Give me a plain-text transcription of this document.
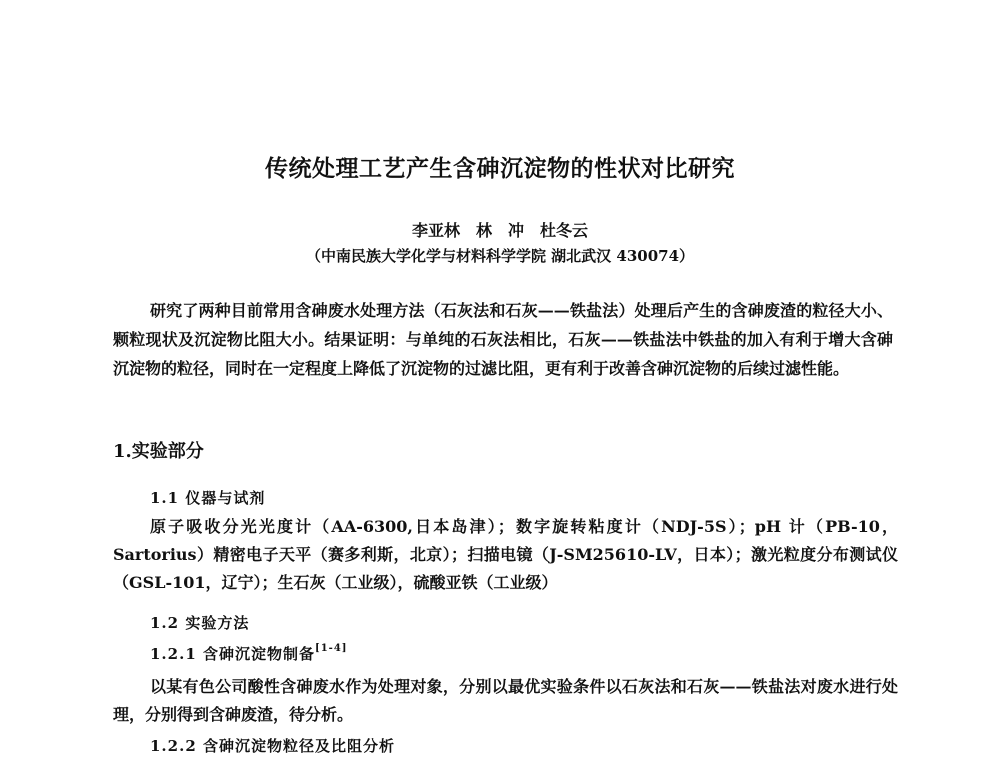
传统处理工艺产生含砷沉淀物的性状对比研究
李亚林　林　冲　杜冬云
（中南民族大学化学与材料科学学院 湖北武汉 430074）
研究了两种目前常用含砷废水处理方法（石灰法和石灰——铁盐法）处理后产生的含砷废渣的粒径大小、颗粒现状及沉淀物比阻大小。结果证明：与单纯的石灰法相比，石灰——铁盐法中铁盐的加入有利于增大含砷沉淀物的粒径，同时在一定程度上降低了沉淀物的过滤比阻，更有利于改善含砷沉淀物的后续过滤性能。
1.实验部分
1.1 仪器与试剂
原子吸收分光光度计（AA-6300,日本岛津）；数字旋转粘度计（NDJ-5S）；pH 计（PB-10，Sartorius）精密电子天平（赛多利斯，北京）；扫描电镜（J-SM25610-LV，日本）；激光粒度分布测试仪（GSL-101，辽宁）；生石灰（工业级），硫酸亚铁（工业级）
1.2 实验方法
1.2.1 含砷沉淀物制备[1-4]
以某有色公司酸性含砷废水作为处理对象，分别以最优实验条件以石灰法和石灰——铁盐法对废水进行处理，分别得到含砷废渣，待分析。
1.2.2 含砷沉淀物粒径及比阻分析
